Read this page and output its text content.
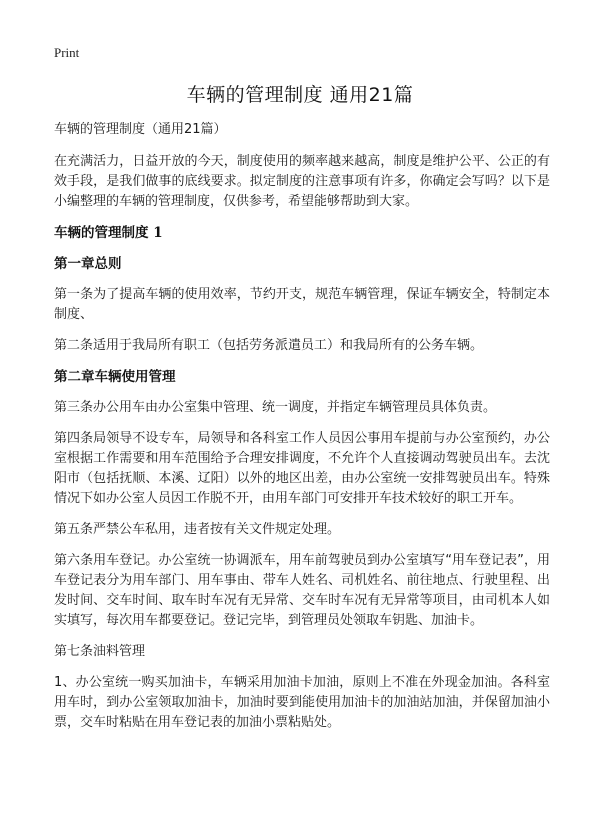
Print
车辆的管理制度 通用21篇

车辆的管理制度（通用21篇）

在充满活力，日益开放的今天，制度使用的频率越来越高，制度是维护公平、公正的有效手段，是我们做事的底线要求。拟定制度的注意事项有许多，你确定会写吗？以下是小编整理的车辆的管理制度，仅供参考，希望能够帮助到大家。

车辆的管理制度 1

第一章总则

第一条为了提高车辆的使用效率，节约开支，规范车辆管理，保证车辆安全，特制定本制度、

第二条适用于我局所有职工（包括劳务派遣员工）和我局所有的公务车辆。

第二章车辆使用管理

第三条办公用车由办公室集中管理、统一调度，并指定车辆管理员具体负责。

第四条局领导不设专车，局领导和各科室工作人员因公事用车提前与办公室预约，办公室根据工作需要和用车范围给予合理安排调度，不允许个人直接调动驾驶员出车。去沈阳市（包括抚顺、本溪、辽阳）以外的地区出差，由办公室统一安排驾驶员出车。特殊情况下如办公室人员因工作脱不开，由用车部门可安排开车技术较好的职工开车。

第五条严禁公车私用，违者按有关文件规定处理。

第六条用车登记。办公室统一协调派车，用车前驾驶员到办公室填写“用车登记表”，用车登记表分为用车部门、用车事由、带车人姓名、司机姓名、前往地点、行驶里程、出发时间、交车时间、取车时车况有无异常、交车时车况有无异常等项目，由司机本人如实填写，每次用车都要登记。登记完毕，到管理员处领取车钥匙、加油卡。

第七条油料管理

1、办公室统一购买加油卡，车辆采用加油卡加油，原则上不准在外现金加油。各科室用车时，到办公室领取加油卡，加油时要到能使用加油卡的加油站加油，并保留加油小票，交车时粘贴在用车登记表的加油小票粘贴处。
